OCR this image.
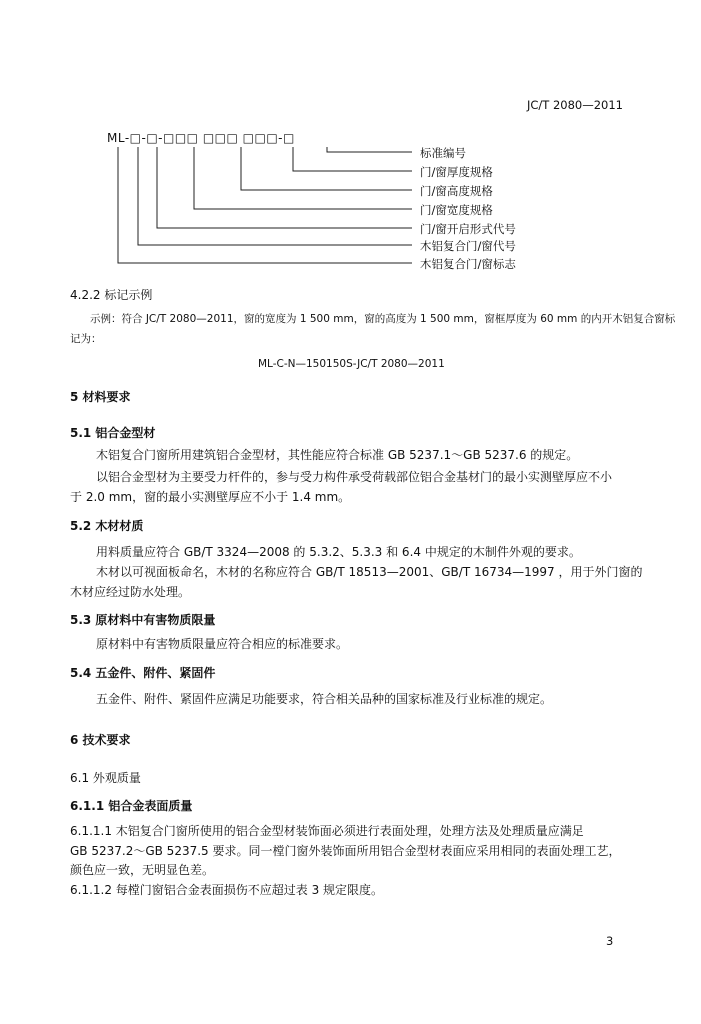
JC/T 2080—2011
ML-□-□-□□□ □□□ □□□-□
标准编号
门/窗厚度规格
门/窗高度规格
门/窗宽度规格
门/窗开启形式代号
木铝复合门/窗代号
木铝复合门/窗标志
4.2.2 标记示例
示例：符合 JC/T 2080—2011，窗的宽度为 1 500 mm，窗的高度为 1 500 mm，窗框厚度为 60 mm 的内开木铝复合窗标
记为：
ML-C-N—150150S-JC/T 2080—2011
5 材料要求
5.1 铝合金型材
木铝复合门窗所用建筑铝合金型材，其性能应符合标准 GB 5237.1～GB 5237.6 的规定。
以铝合金型材为主要受力杆件的，参与受力构件承受荷载部位铝合金基材门的最小实测壁厚应不小
于 2.0 mm，窗的最小实测壁厚应不小于 1.4 mm。
5.2 木材材质
用料质量应符合 GB/T 3324—2008 的 5.3.2、5.3.3 和 6.4 中规定的木制件外观的要求。
木材以可视面板命名，木材的名称应符合 GB/T 18513—2001、GB/T 16734—1997 ，用于外门窗的
木材应经过防水处理。
5.3 原材料中有害物质限量
原材料中有害物质限量应符合相应的标准要求。
5.4 五金件、附件、紧固件
五金件、附件、紧固件应满足功能要求，符合相关品种的国家标准及行业标准的规定。
6 技术要求
6.1 外观质量
6.1.1 铝合金表面质量
6.1.1.1 木铝复合门窗所使用的铝合金型材装饰面必须进行表面处理，处理方法及处理质量应满足
GB 5237.2～GB 5237.5 要求。同一樘门窗外装饰面所用铝合金型材表面应采用相同的表面处理工艺，
颜色应一致，无明显色差。
6.1.1.2 每樘门窗铝合金表面损伤不应超过表 3 规定限度。
3
